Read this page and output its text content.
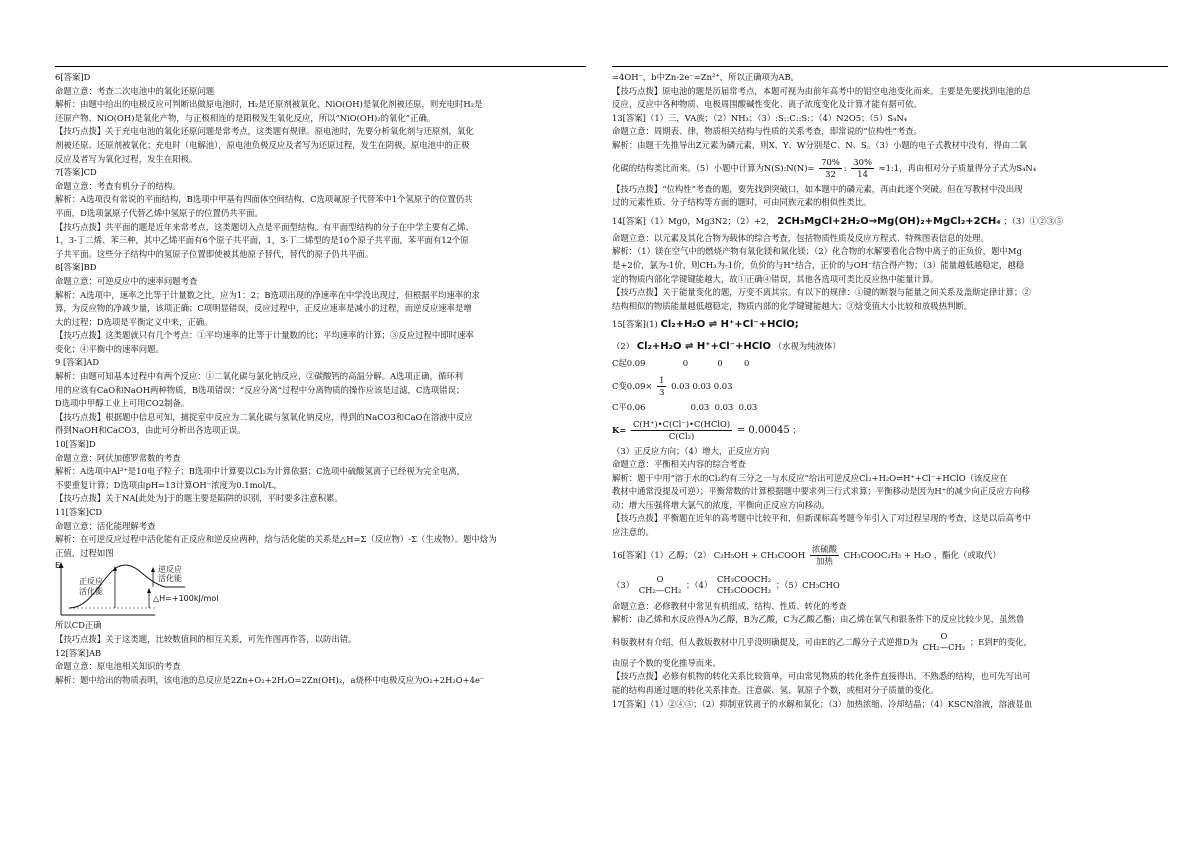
6[答案]D
命题立意：考查二次电池中的氧化还原问题
解析：由题中给出的电极反应可判断出做原电池时，H₂是还原剂被氧化、NiO(OH)是氧化剂被还原，则充电时H₂是
还原产物、NiO(OH)是氧化产物，与正极相连的是阳极发生氧化反应，所以“NiO(OH)₂的氧化”正确。
【技巧点拨】关于充电电池的氧化还原问题是常考点，这类题有规律。原电池时，先要分析氧化剂与还原剂，氧化
剂被还原、还原剂被氧化；充电时（电解池），原电池负极反应及者写为还原过程，发生在阴极，原电池中的正极
反应及者写为氧化过程，发生在阳极。
7[答案]CD
命题立意：考查有机分子的结构。
解析：A选项没有常说的平面结构，B选项中甲基有四面体空间结构，C选项氟原子代替苯中1个氢原子的位置仍共
平面，D选项氯原子代替乙烯中氢原子的位置仍共平面。
【技巧点拨】共平面的题是近年来常考点，这类题切入点是平面型结构。有平面型结构的分子在中学主要有乙烯、
1，3-丁二烯、苯三种，其中乙烯平面有6个原子共平面，1，3-丁二烯型的是10个原子共平面，苯平面有12个原
子共平面。这些分子结构中的氢原子位置即使被其他原子替代，替代的原子仍共平面。
8[答案]BD
命题立意：可逆反应中的速率问题考查
解析：A选项中，速率之比等于计量数之比，应为1：2；B选项出现的净速率在中学没出现过，但根据平均速率的求
算，为反应物的净减少量，该项正确；C项明显错误，反应过程中，正反应速率是减小的过程，而逆反应速率是增
大的过程；D选项是平衡定义中来，正确。
【技巧点拨】这类题就只有几个考点：①平均速率的比等于计量数的比；平均速率的计算；③反应过程中即时速率
变化；④平衡中的速率问题。
9 [答案]AD
解析：由题可知基本过程中有两个反应：①二氧化碳与氯化钠反应，②碳酸钙的高温分解。A选项正确，循环利
用的应该有CaO和NaOH两种物质，B选项错误：“反应分离”过程中分离物质的操作应该是过滤，C选项错误；
D选项中甲醇工业上可用CO2制备。
【技巧点拨】根据题中信息可知，捕捉室中反应为二氧化碳与氢氧化钠反应，得到的NaCO3和CaO在溶液中反应
得到NaOH和CaCO3，由此可分析出各选项正误。
10[答案]D
命题立意：阿伏加德罗常数的考查
解析：A选项中Al³⁺是10电子粒子；B选项中计算要以Cl₂为计算依据；C选项中硫酸氢离子已经视为完全电离，
不要重复计算；D选项由pH=13计算OH⁻浓度为0.1mol/L。
【技巧点拨】关于NA[此处为]于的题主要是陷阱的识别，平时要多注意积累。
11[答案]CD
命题立意：活化能理解考查
解析：在可逆反应过程中活化能有正反应和逆反应两种，焓与活化能的关系是△H=Σ（反应物）-Σ（生成物）。题中焓为
正值，过程如图
E
正反应
活化能
逆反应
活化能
△H=+100kJ/mol
所以CD正确
【技巧点拨】关于这类题，比较数值间的相互关系，可先作图再作答，以防出错。
12[答案]AB
命题立意：原电池相关知识的考查
解析：题中给出的物质表明，该电池的总反应是2Zn+O₂+2H₂O=2Zn(OH)₂，a烧杯中电极反应为O₂+2H₂O+4e⁻
=4OH⁻，b中Zn-2e⁻=Zn²⁺，所以正确项为AB。
【技巧点拨】原电池的题是历届常考点，本题可视为由前年高考中的铝空电池变化而来。主要是先要找到电池的总
反应，反应中各种物质、电极周围酸碱性变化、离子浓度变化及计算才能有据可依。
13[答案]（1）三，VA族；（2）NH₃；（3）:S::C::S:；（4）N2O5；（5）S₄N₄
命题立意：周期表、律，物质相关结构与性质的关系考查，即常说的“位构性”考查。
解析：由题干先推导出Z元素为磷元素，则X、Y、W分别是C、N、S。（3）小题的电子式教材中没有，得由二氧
化碳的结构类比而来。（5）小题中计算为N(S):N(N)= $\frac{70\%}{32}$ : $\frac{30\%}{14}$ ≈1:1，再由相对分子质量得分子式为S₄N₄
【技巧点拨】“位构性”考查的题，要先找到突破口，如本题中的磷元素，再由此逐个突破。但在写教材中没出现
过的元素性质、分子结构等方面的题时，可由同族元素的相似性类比。
14[答案]（1）Mg0，Mg3N2；（2）+2， 2CH₃MgCl+2H₂O→Mg(OH)₂+MgCl₂+2CH₄ ；（3）①②③⑤
命题立意：以元素及其化合物为载体的综合考查，包括物质性质及反应方程式、特殊图表信息的处理。
解析：（1）镁在空气中的燃烧产物有氧化镁和氮化镁；（2）化合物的水解要看化合物中离子的正负价，题中Mg
是+2价，氯为-1价，则CH₃为-1价，负价的与H⁺结合，正价的与OH⁻结合得产物；（3）能量越低越稳定，越稳
定的物质内部化学键键能越大，故①正确④错误，其他各选项可类比反应热中能量计算。
【技巧点拨】关于能量变化的题，万变不离其宗。有以下的规律：①键的断裂与能量之间关系及盖斯定律计算；②
结构相似的物质能量越低越稳定，物质内部的化学键键能越大；③焓变值大小比较和放吸热判断。
15[答案](1) Cl₂+H₂O ⇌ H⁺+Cl⁻+HClO;
（2） Cl₂+H₂O ⇌ H⁺+Cl⁻+HClO （水视为纯液体）
C起0.09              0           0        0
C变$0.09\times \frac{1}{3} 0.03$ 0.03 0.03
C平0.06                 0.03  0.03  0.03
$K= \frac{\text{C(H⁺)•C(Cl⁻)•C(HClO)}}{\text{C(Cl₂)}} = 0.00045$ ；
（3）正反应方向；（4）增大，正反应方向
命题立意：平衡相关内容的综合考查
解析：题干中用“溶于水的Cl₂约有三分之一与水反应”给出可逆反应Cl₂+H₂O⇌H⁺+Cl⁻+HClO（该反应在
教材中通常没提及可逆）；平衡常数的计算根据题中要求列三行式求算；平衡移动是因为H⁺的减少向正反应方向移
动；增大压强将增大氯气的浓度，平衡向正反应方向移动。
【技巧点拨】平衡题在近年的高考题中比较平和，但新课标高考题今年引入了对过程呈现的考查，这是以后高考中
应注意的。
16[答案]（1）乙醇；（2） C₂H₅OH + CH₃COOH $\frac{\text{浓硫酸}}{\text{加热}}$ CH₃COOC₂H₅ + H₂O ，酯化（或取代）
（3）
O
CH₂—CH₂
；（4）
CH₃COOCH₂
CH₃COOCH₂
；（5）CH₃CHO
命题立意：必修教材中常见有机组成、结构、性质、转化的考查
解析：由乙烯和水反应得A为乙醇，B为乙酸，C为乙酸乙酯；由乙烯在氧气和银条件下的反应比较少见，虽然鲁
科版教材有介绍，但人教版教材中几乎没明确提及，可由E的乙二醇分子式逆推D为
O
CH₂—CH₂
；E到F的变化，
由原子个数的变化推导而来。
【技巧点拨】必修有机物的转化关系比较简单，可由常见物质的转化条件直接得出。不熟悉的结构，也可先写出可
能的结构再通过题的转化关系排查。注意碳、氢、氧原子个数，或相对分子质量的变化。
17[答案]（1）②④⑤；（2）抑制亚铁离子的水解和氧化；（3）加热浓缩、冷却结晶；（4）KSCN溶液，溶液显血
